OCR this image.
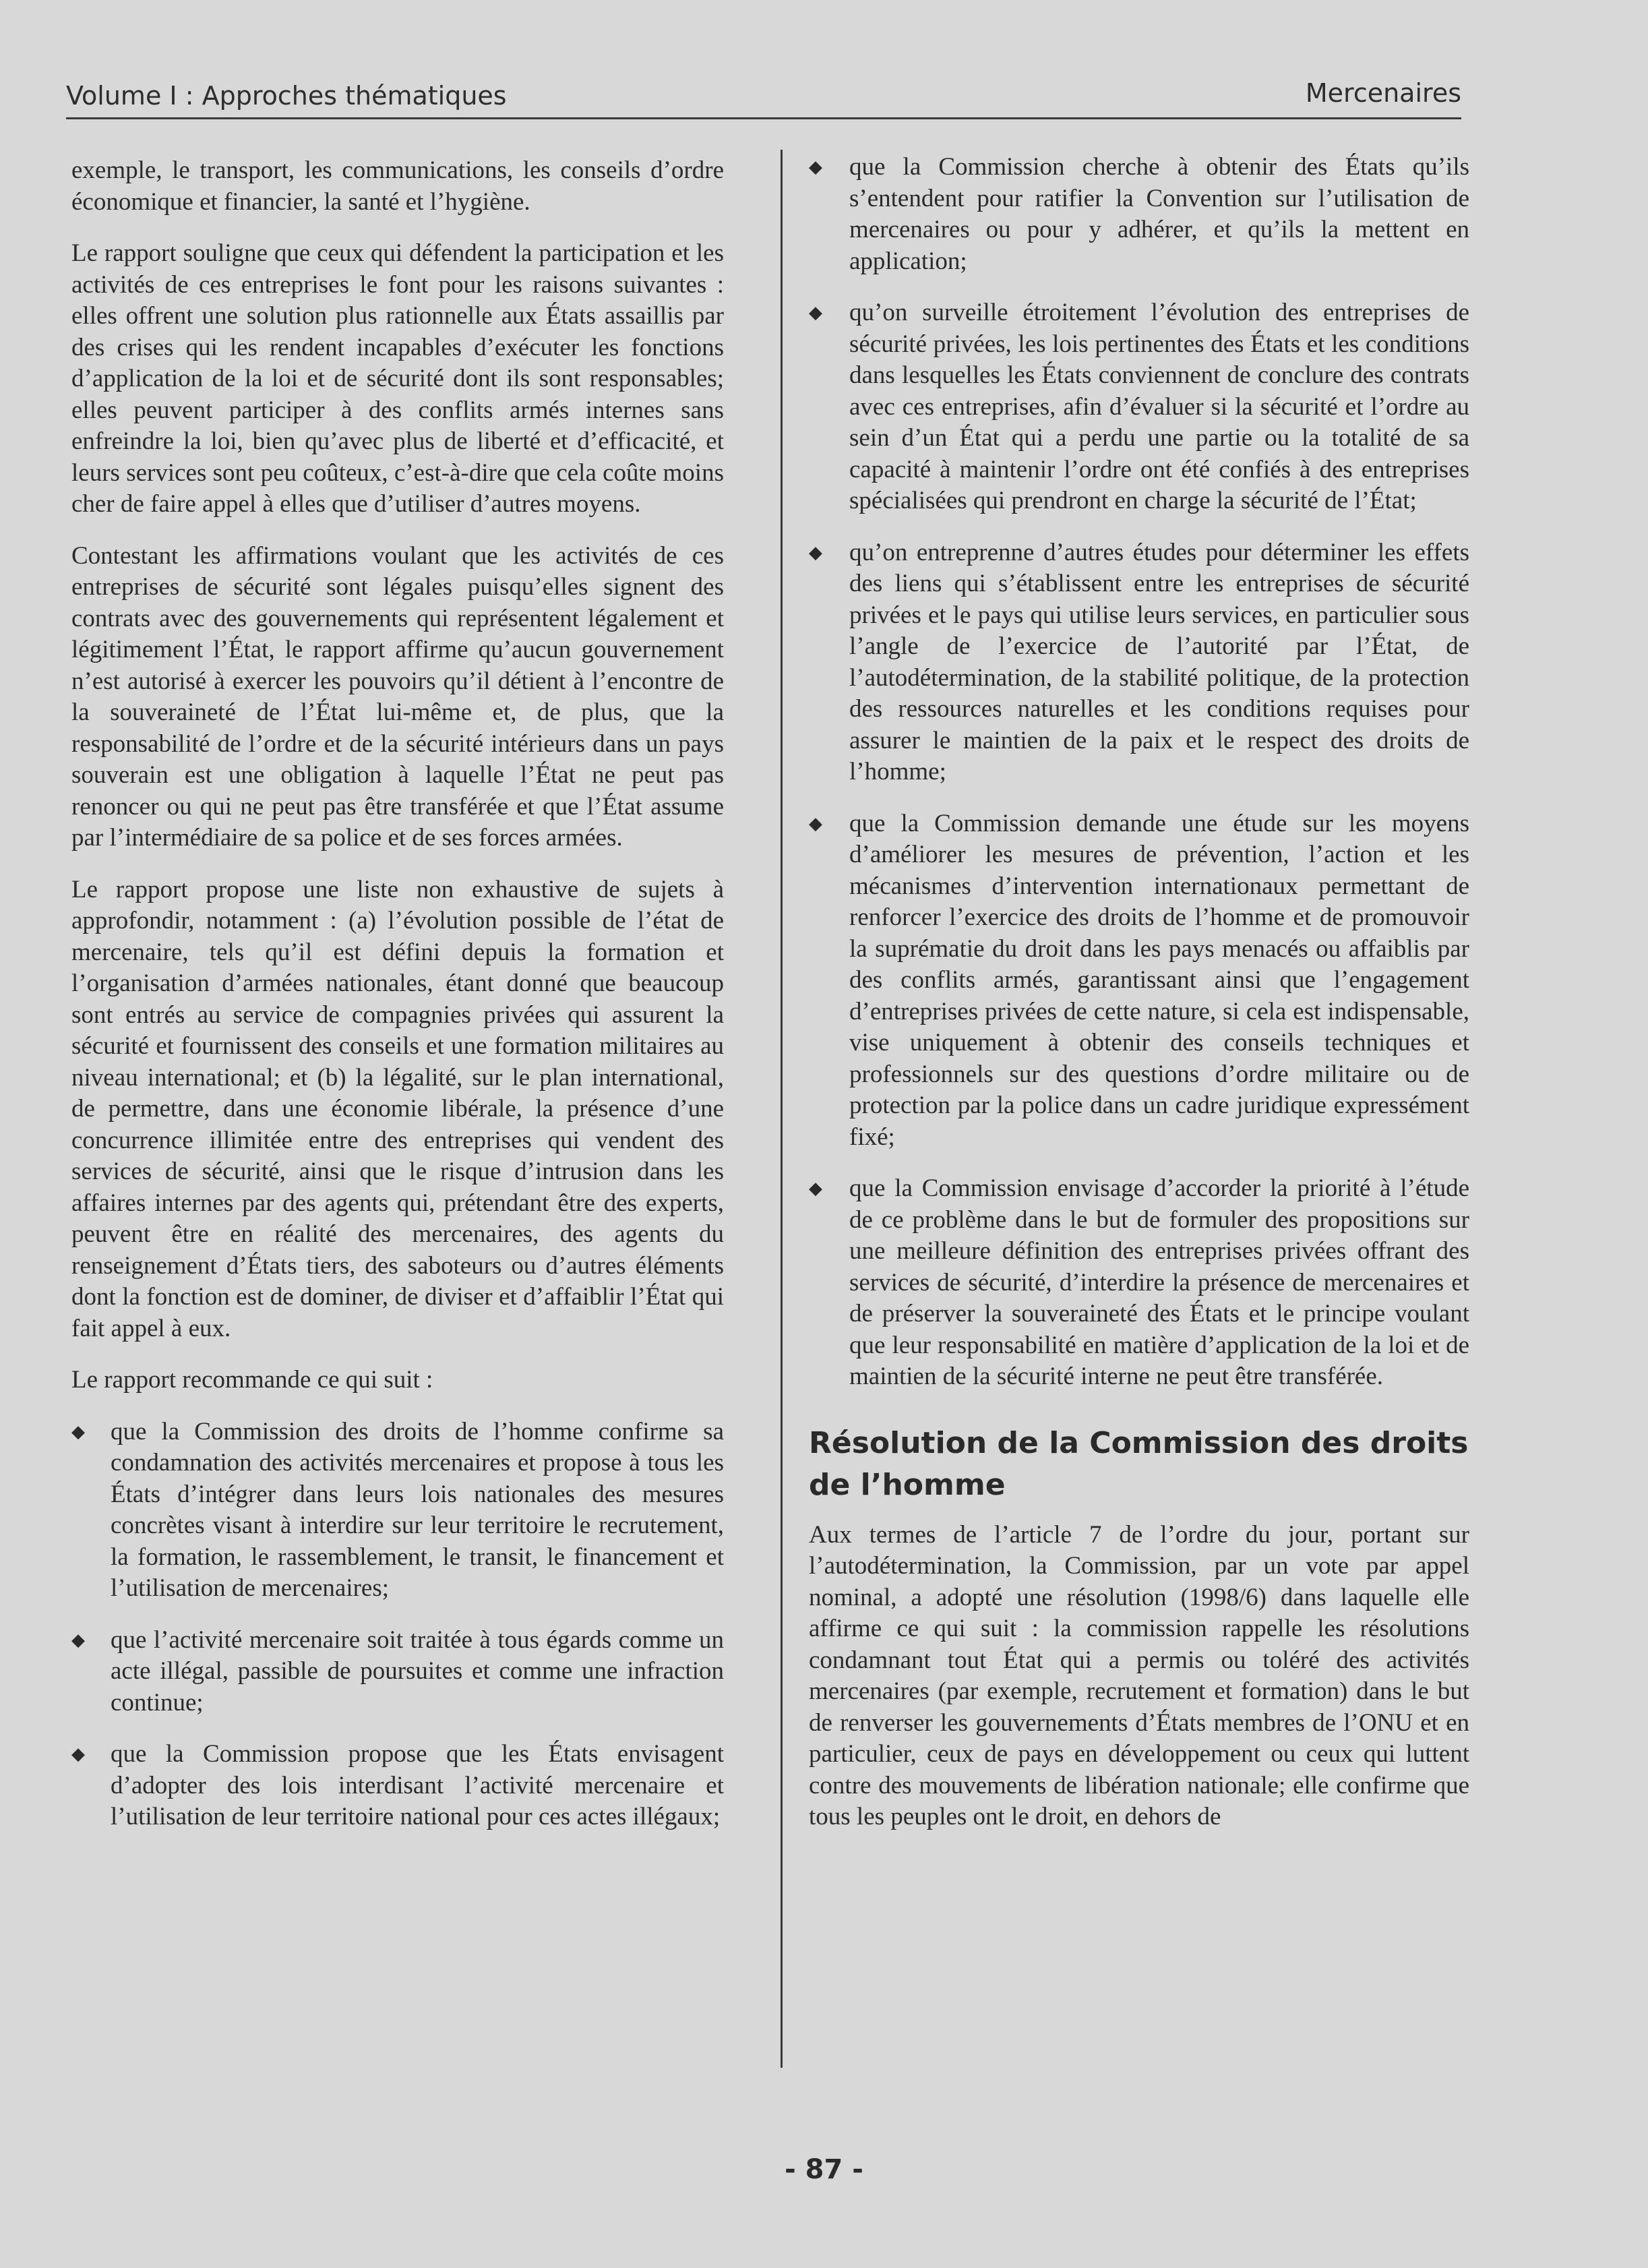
Volume I : Approches thématiques	Mercenaires

exemple, le transport, les communications, les conseils d’ordre économique et financier, la santé et l’hygiène.

Le rapport souligne que ceux qui défendent la participation et les activités de ces entreprises le font pour les raisons suivantes : elles offrent une solution plus rationnelle aux États assaillis par des crises qui les rendent incapables d’exécuter les fonctions d’application de la loi et de sécurité dont ils sont responsables; elles peuvent participer à des conflits armés internes sans enfreindre la loi, bien qu’avec plus de liberté et d’efficacité, et leurs services sont peu coûteux, c’est-à-dire que cela coûte moins cher de faire appel à elles que d’utiliser d’autres moyens.

Contestant les affirmations voulant que les activités de ces entreprises de sécurité sont légales puisqu’elles signent des contrats avec des gouvernements qui représentent légalement et légitimement l’État, le rapport affirme qu’aucun gouvernement n’est autorisé à exercer les pouvoirs qu’il détient à l’encontre de la souveraineté de l’État lui-même et, de plus, que la responsabilité de l’ordre et de la sécurité intérieurs dans un pays souverain est une obligation à laquelle l’État ne peut pas renoncer ou qui ne peut pas être transférée et que l’État assume par l’intermédiaire de sa police et de ses forces armées.

Le rapport propose une liste non exhaustive de sujets à approfondir, notamment : (a) l’évolution possible de l’état de mercenaire, tels qu’il est défini depuis la formation et l’organisation d’armées nationales, étant donné que beaucoup sont entrés au service de compagnies privées qui assurent la sécurité et fournissent des conseils et une formation militaires au niveau international; et (b) la légalité, sur le plan international, de permettre, dans une économie libérale, la présence d’une concurrence illimitée entre des entreprises qui vendent des services de sécurité, ainsi que le risque d’intrusion dans les affaires internes par des agents qui, prétendant être des experts, peuvent être en réalité des mercenaires, des agents du renseignement d’États tiers, des saboteurs ou d’autres éléments dont la fonction est de dominer, de diviser et d’affaiblir l’État qui fait appel à eux.

Le rapport recommande ce qui suit :

◆ que la Commission des droits de l’homme confirme sa condamnation des activités mercenaires et propose à tous les États d’intégrer dans leurs lois nationales des mesures concrètes visant à interdire sur leur territoire le recrutement, la formation, le rassemblement, le transit, le financement et l’utilisation de mercenaires;
◆ que l’activité mercenaire soit traitée à tous égards comme un acte illégal, passible de poursuites et comme une infraction continue;
◆ que la Commission propose que les États envisagent d’adopter des lois interdisant l’activité mercenaire et l’utilisation de leur territoire national pour ces actes illégaux;
◆ que la Commission cherche à obtenir des États qu’ils s’entendent pour ratifier la Convention sur l’utilisation de mercenaires ou pour y adhérer, et qu’ils la mettent en application;
◆ qu’on surveille étroitement l’évolution des entreprises de sécurité privées, les lois pertinentes des États et les conditions dans lesquelles les États conviennent de conclure des contrats avec ces entreprises, afin d’évaluer si la sécurité et l’ordre au sein d’un État qui a perdu une partie ou la totalité de sa capacité à maintenir l’ordre ont été confiés à des entreprises spécialisées qui prendront en charge la sécurité de l’État;
◆ qu’on entreprenne d’autres études pour déterminer les effets des liens qui s’établissent entre les entreprises de sécurité privées et le pays qui utilise leurs services, en particulier sous l’angle de l’exercice de l’autorité par l’État, de l’autodétermination, de la stabilité politique, de la protection des ressources naturelles et les conditions requises pour assurer le maintien de la paix et le respect des droits de l’homme;
◆ que la Commission demande une étude sur les moyens d’améliorer les mesures de prévention, l’action et les mécanismes d’intervention internationaux permettant de renforcer l’exercice des droits de l’homme et de promouvoir la suprématie du droit dans les pays menacés ou affaiblis par des conflits armés, garantissant ainsi que l’engagement d’entreprises privées de cette nature, si cela est indispensable, vise uniquement à obtenir des conseils techniques et professionnels sur des questions d’ordre militaire ou de protection par la police dans un cadre juridique expressément fixé;
◆ que la Commission envisage d’accorder la priorité à l’étude de ce problème dans le but de formuler des propositions sur une meilleure définition des entreprises privées offrant des services de sécurité, d’interdire la présence de mercenaires et de préserver la souveraineté des États et le principe voulant que leur responsabilité en matière d’application de la loi et de maintien de la sécurité interne ne peut être transférée.
Résolution de la Commission des droits de l’homme

Aux termes de l’article 7 de l’ordre du jour, portant sur l’autodétermination, la Commission, par un vote par appel nominal, a adopté une résolution (1998/6) dans laquelle elle affirme ce qui suit : la commission rappelle les résolutions condamnant tout État qui a permis ou toléré des activités mercenaires (par exemple, recrutement et formation) dans le but de renverser les gouvernements d’États membres de l’ONU et en particulier, ceux de pays en développement ou ceux qui luttent contre des mouvements de libération nationale; elle confirme que tous les peuples ont le droit, en dehors de

- 87 -
